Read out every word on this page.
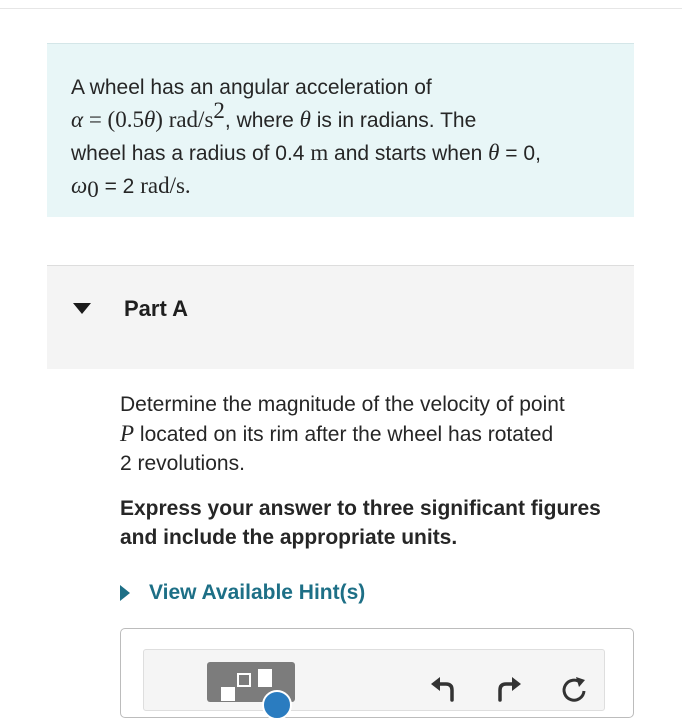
A wheel has an angular acceleration of
α = (0.5θ) rad/$s^2$, where θ is in radians. The
wheel has a radius of 0.4 m and starts when θ = 0,
$\omega_0 = 2$ rad/s.
Part A
Determine the magnitude of the velocity of point
P located on its rim after the wheel has rotated
2 revolutions.
Express your answer to three significant figures and include the appropriate units.
View Available Hint(s)
